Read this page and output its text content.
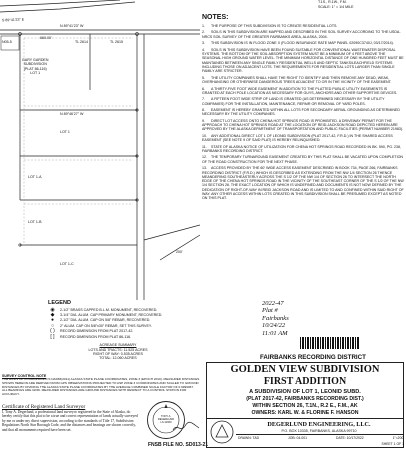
S 89°41'23" E
N 89°41'23" W
660.00'
N05-5
GARY GARDEN
SUBDIVISION
(PLAT 86-116)
LOT 1
TL 2614	TL 2615
LOT 1
LOT 1-A
LOT 1-B
LOT 1-C
N 89°46'27" W
200'
T.1S., R.1W., F.M.
SCALE: 1" = 1/4 MILE
NOTES:
1. THE PURPOSE OF THIS SUBDIVISION IS TO CREATE RESIDENTIAL LOTS.
2. SOILS IN THIS SUBDIVISION ARE MAPPED AND DESCRIBED IN THE SOIL SURVEY ACCORDING TO THE USDA-NRCS SOIL SURVEY OF THE GREATER FAIRBANKS AREA, ALASKA, 2004.
3. THIS SUBDIVISION IS IN FLOOD ZONE X (FLOOD INSURANCE RATE MAP PANEL 02090C3740J, 03/17/2014).
4. SOILS IN THIS SUBDIVISION HAVE BEEN FOUND SUITABLE FOR CONVENTIONAL WASTEWATER DISPOSAL SYSTEMS. THE BOTTOM OF THE SOIL ABSORPTION SYSTEM MUST BE A MINIMUM OF 4 FEET ABOVE THE SEASONAL HIGH GROUND WATER LEVEL. THE MINIMUM HORIZONTAL DISTANCE OF ONE HUNDRED FEET MUST BE MAINTAINED BETWEEN ANY SINGLE FAMILY RESIDENTIAL WELLS AND SEPTIC TANKS/LEACHFIELD SYSTEMS INCLUDING THOSE ON ADJACENT LOTS. THE REQUIREMENTS FOR RESIDENTIAL LOTS LARGER THAN SINGLE FAMILY ARE STRICTER.
5. THE UTILITY COMPANIES SHALL HAVE THE RIGHT TO IDENTIFY AND THEN REMOVE ANY DEAD, WEAK, OVERHANGING OR OTHERWISE DANGEROUS TREES ADJACENT TO OR IN THE VICINITY OF THE EASEMENT.
6. A THIRTY-FIVE FOOT WIDE EASEMENT IN ADDITION TO THE PLATTED PUBLIC UTILITY EASEMENTS IS GRANTED AT EACH POLE LOCATION AS NECESSARY FOR GUYS, ANCHORS AND OTHER SUPPORTIVE DEVICES.
7. A FIFTEEN FOOT WIDE STRIP OF LAND IS GRANTED (AS DETERMINED NECESSARY BY THE UTILITY COMPANIES) FOR THE INSTALLATION, MAINTENANCE, REPAIR OR REMOVAL OF YARD POLES.
8. EASEMENT IS HEREBY GRANTED WITHIN ALL LOTS FOR SECONDARY AERIAL GROUNDING AS DETERMINED NECESSARY BY THE UTILITY COMPANIES.
9. DIRECT LOT ACCESS ONTO CHENA HOT SPRINGS ROAD IS PROHIBITED. A DRIVEWAY PERMIT FOR THE APPROACH TO CHENA HOT SPRINGS ROAD AT THE LOCATION OF REID-JACKSON ROAD DEPICTED HEREIN ARE APPROVED BY THE ALASKA DEPARTMENT OF TRANSPORTATION AND PUBLIC FACILITIES (PERMIT NUMBER 21983).
10. ANY ADDITIONAL DIRECT LOT 1 OF LEONID SUBDIVISION (PLAT 2017-42, F.R.D.) IN THE SHARED ACCESS EASEMENT (SEE NOTE 9 OF SAID PLAT) IS HEREBY RELINQUISHED.
11. STATE OF ALASKA NOTICE OF UTILIZATION FOR CHENA HOT SPRINGS ROAD RECORDED IN BK. 590, PG. 238, FAIRBANKS RECORDING DISTRICT.
12. THE TEMPORARY TURNAROUND EASEMENT CREATED BY THIS PLAT SHALL BE VACATED UPON COMPLETION OF THE ROAD CONSTRUCTION FOR THE NEXT PHASE.
13. ACCESS PROVIDED BY THE 60' WIDE ACCESS EASEMENT DESCRIBED IN BOOK 734, PAGE 266, FAIRBANKS RECORDING DISTRICT (F.R.D.) WHICH IS DESCRIBED AS EXTENDING FROM THE NW 1/4 SECTION 26 THENCE MEANDERING SOUTHEASTERLY ACROSS THE S 1/2 OF THE NW 1/4 OF SECTION 26 TO INTERSECT THE NORTH EDGE OF THE CHENA HOT SPRINGS ROAD IN THE VICINITY OF THE SOUTHEAST CORNER OF THE S 1/2 OF THE NW 1/4 SECTION 26. THE EXACT LOCATION OF WHICH IS UNDEFINED AND DOCUMENTS IS NOT NOW DEFINED BY THE DEDICATION OF RIGHT-OF-WAY IN REID JACKSON ROAD AND IS LIMITED TO AND CONFINED WITHIN SAID RIGHT OF WAY. ANY OTHER ACCESS WITHIN LOTS CREATED IN THIS SUBDIVISION SHALL BE PRESUMED EXCEPT AS NOTED ON THIS PLAT.
LEGEND
◉	2-1/2" BRASS CAPPED B.L.M. MONUMENT, RECOVERED.
◆	3-1/4" DIA. ALUM. CAP PRIMARY MONUMENT, RECOVERED.
●	2-1/2" DIA. ALUM. CAP ON 5/8" REBAR, RECOVERED.
○	2" ALUM. CAP ON 5/8"x30" REBAR, SET THIS SURVEY.
( )	RECORD DIMENSION FROM PLAT 2017-42.
[ ]	RECORD DIMENSION FROM PLAT 86-116.
ACREAGE SUMMARY
LOTS AND TRACTS: 11.525 ACRES
RIGHT OF WAY: 0.535 ACRES
TOTAL: 12.060 ACRES
SURVEY CONTROL NOTE
THE BASIS OF COORDINATES IS NAD83(2011) ALASKA STATE PLANE COORDINATES, ZONE 3 (EPOCH 2010). MEASURED DISTANCES SHOWN HEREON ARE DERIVED FROM GPS OBSERVATIONS PROJECTED TO ASP ZONE 3 COORDINATES AND SCALED TO GROUND DISTANCES BY DIVIDING THE ALASKA STATE PLANE COORDINATES BY THE AVERAGE COMBINED SCALE FACTOR OF 0.9999067. ALL BEARINGS ARE GRID. MEASURED DISTANCES ARE GROUND DISTANCES WITH RESPECT TO A CONTROL STATION FOR ACCURACY.
Certificate of Registered Land Surveyor
I, Tony A. Degerlund, a professional land surveyor registered in the State of Alaska, do hereby certify that this plat to be a true and correct representation of lands actually surveyed by me or under my direct supervision, according to the standards of Title 17, Subdivision Regulations North Star Borough Code, and the distances and bearings are shown correctly, and that all monuments required have been set.
TONY A. DEGERLUND
LS-11660
FNSB FILE NO. SD013-21
2022-47
Plat #
Fairbanks
10/24/22
11:01 AM
FAIRBANKS RECORDING DISTRICT
GOLDEN VIEW SUBDIVISION
FIRST ADDITION
A SUBDIVISION OF LOT 1, LEONID SUBD.
(PLAT 2017-42, FAIRBANKS RECORDING DIST.)
WITHIN SECTION 26, T.1N., R.2 E., F.M., AK
OWNERS: KARL W. & FLORINE F. HANSON
DEGERLUND ENGINEERING, LLC.
P.O. BOX 10335, FAIRBANKS, ALASKA 99710
DRAWN: TAD	JOB: 04-001	DATE: 10/17/2022	1"=200'
SHEET 1 OF 1
